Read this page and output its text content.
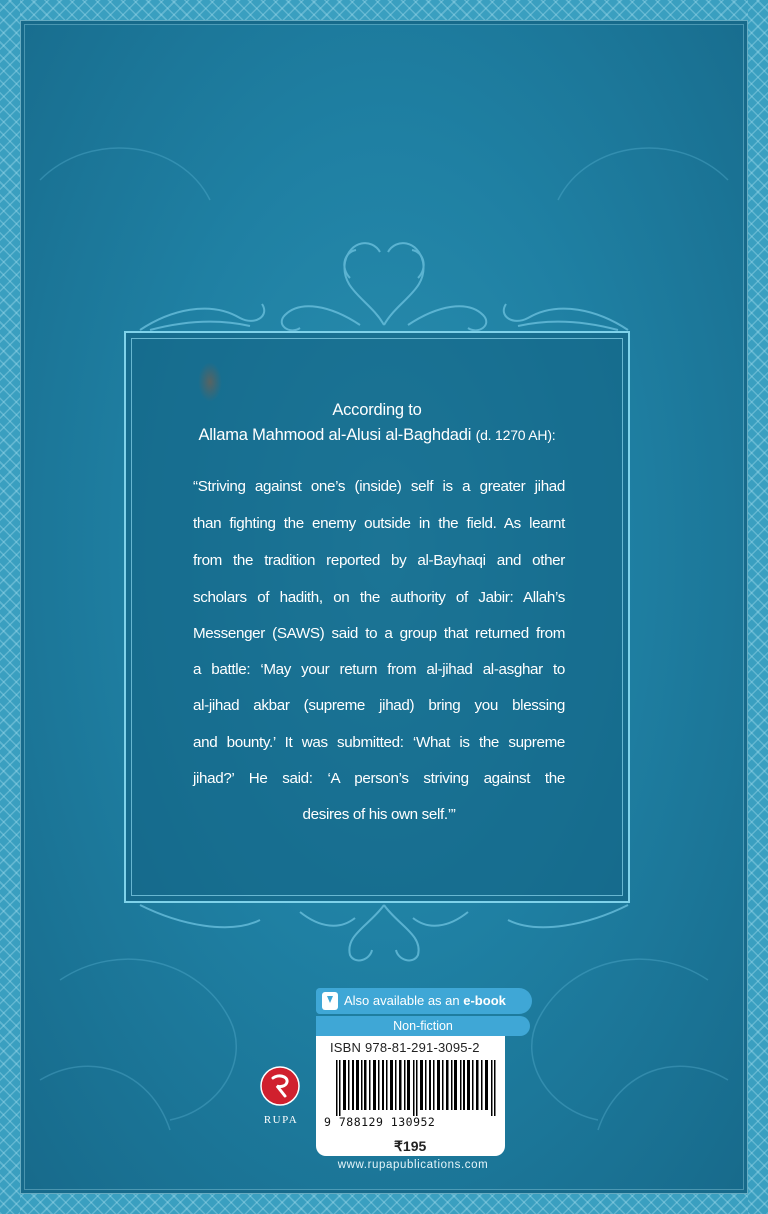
According to
Allama Mahmood al-Alusi al-Baghdadi (d. 1270 AH):
“Striving against one’s (inside) self is a greater jihad
than fighting the enemy outside in the field. As learnt
from the tradition reported by al-Bayhaqi and other
scholars of hadith, on the authority of Jabir: Allah’s
Messenger (SAWS) said to a group that returned from
a battle: ‘May your return from al-jihad al-asghar to
al-jihad akbar (supreme jihad) bring you blessing
and bounty.’ It was submitted: ‘What is the supreme
jihad?’ He said: ‘A person’s striving against the
desires of his own self.’”
Also available as an e-book
Non-fiction
ISBN 978-81-291-3095-2
9 788129 130952
₹195
RUPA
www.rupapublications.com
